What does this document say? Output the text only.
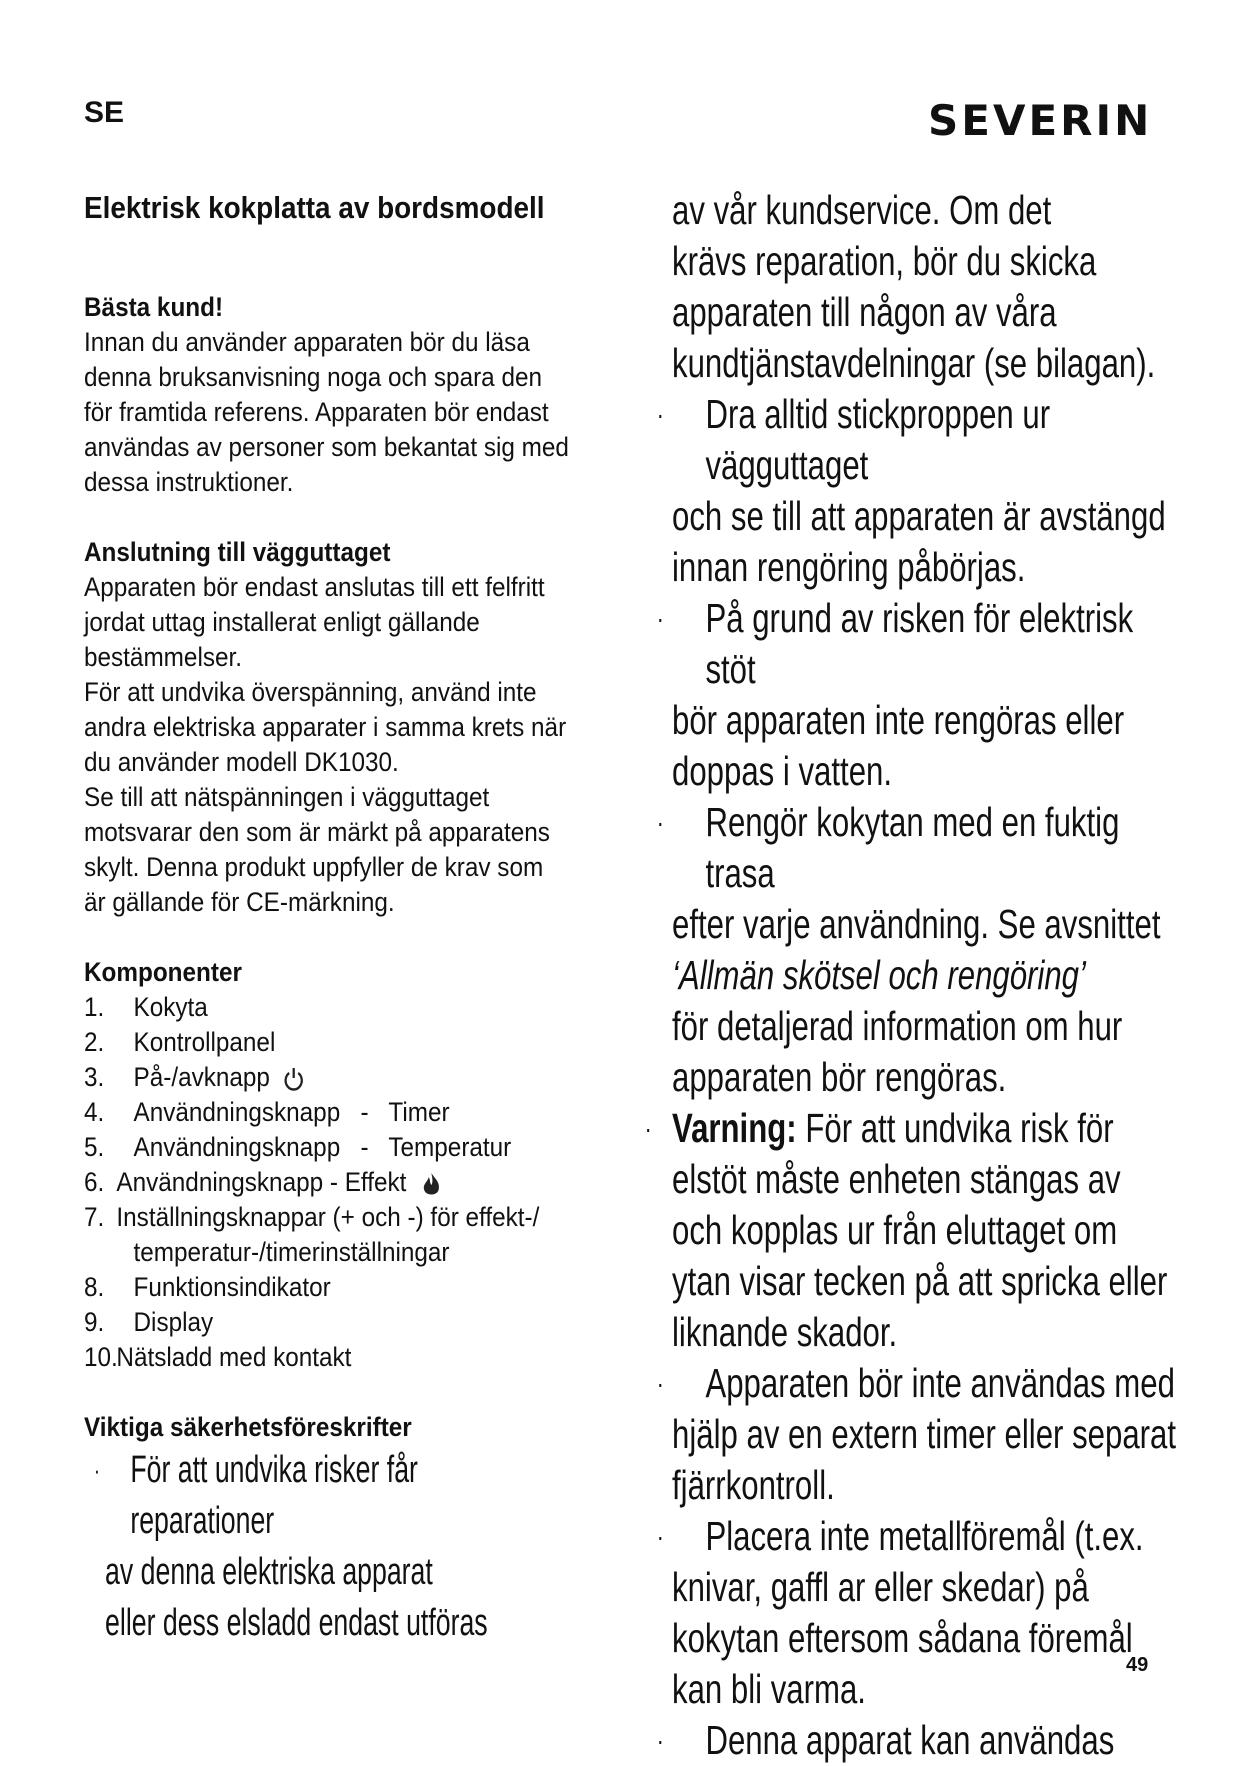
SE	SEVERIN
Elektrisk kokplatta av bordsmodell
Bästa kund!

Innan du använder apparaten bör du läsa

denna bruksanvisning noga och spara den

för framtida referens. Apparaten bör endast

användas av personer som bekantat sig med

dessa instruktioner.

Anslutning till vägguttaget

Apparaten bör endast anslutas till ett felfritt

jordat uttag installerat enligt gällande

bestämmelser.

För att undvika överspänning, använd inte

andra elektriska apparater i samma krets när

du använder modell DK1030.

Se till att nätspänningen i vägguttaget

motsvarar den som är märkt på apparatens

skylt. Denna produkt uppfyller de krav som

är gällande för CE-märkning.

Komponenter
1. Kokyta
2. Kontrollpanel
3. På-/avknapp
4. Användningsknapp   -   Timer
5. Användningsknapp   -   Temperatur
6. Användningsknapp - Effekt
7. Inställningsknappar (+ och -) för effekt-/
temperatur-/timerinställningar
8. Funktionsindikator
9. Display
10.Nätsladd med kontakt
Viktiga säkerhetsföreskrifter
· För att undvika risker får reparationer
av denna elektriska apparat
eller dess elsladd endast utföras

av vår kundservice. Om det

krävs reparation, bör du skicka

apparaten till någon av våra

kundtjänstavdelningar (se bilagan).

· Dra alltid stickproppen ur vägguttaget

och se till att apparaten är avstängd

innan rengöring påbörjas.

· På grund av risken för elektrisk stöt

bör apparaten inte rengöras eller

doppas i vatten.

· Rengör kokytan med en fuktig trasa

efter varje användning. Se avsnittet

‘Allmän skötsel och rengöring’

för detaljerad information om hur

apparaten bör rengöras.

· Varning: För att undvika risk för

elstöt måste enheten stängas av

och kopplas ur från eluttaget om

ytan visar tecken på att spricka eller

liknande skador.

· Apparaten bör inte användas med

hjälp av en extern timer eller separat

fjärrkontroll.

· Placera inte metallföremål (t.ex.

knivar, gaffl ar eller skedar) på

kokytan eftersom sådana föremål

kan bli varma.

· Denna apparat kan användas
49
